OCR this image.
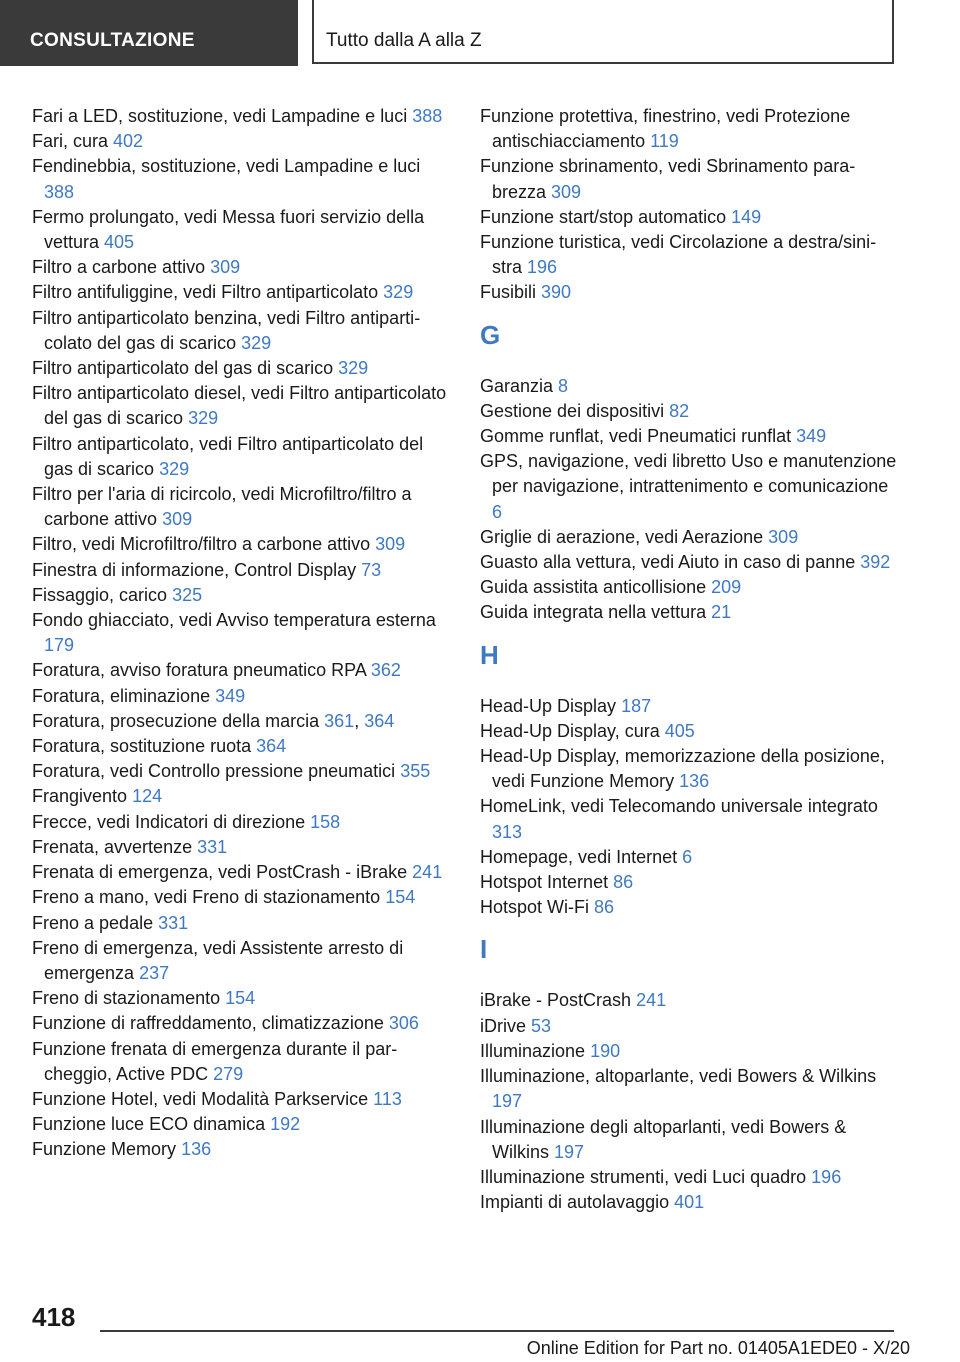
CONSULTAZIONE	Tutto dalla A alla Z
Fari a LED, sostituzione, vedi Lampadine e luci 388
Fari, cura 402
Fendinebbia, sostituzione, vedi Lampadine e luci 388
Fermo prolungato, vedi Messa fuori servizio della vettura 405
Filtro a carbone attivo 309
Filtro antifuliggine, vedi Filtro antiparticolato 329
Filtro antiparticolato benzina, vedi Filtro antiparticolato del gas di scarico 329
Filtro antiparticolato del gas di scarico 329
Filtro antiparticolato diesel, vedi Filtro antiparticolato del gas di scarico 329
Filtro antiparticolato, vedi Filtro antiparticolato del gas di scarico 329
Filtro per l'aria di ricircolo, vedi Microfiltro/filtro a carbone attivo 309
Filtro, vedi Microfiltro/filtro a carbone attivo 309
Finestra di informazione, Control Display 73
Fissaggio, carico 325
Fondo ghiacciato, vedi Avviso temperatura esterna 179
Foratura, avviso foratura pneumatico RPA 362
Foratura, eliminazione 349
Foratura, prosecuzione della marcia 361, 364
Foratura, sostituzione ruota 364
Foratura, vedi Controllo pressione pneumatici 355
Frangivento 124
Frecce, vedi Indicatori di direzione 158
Frenata, avvertenze 331
Frenata di emergenza, vedi PostCrash - iBrake 241
Freno a mano, vedi Freno di stazionamento 154
Freno a pedale 331
Freno di emergenza, vedi Assistente arresto di emergenza 237
Freno di stazionamento 154
Funzione di raffreddamento, climatizzazione 306
Funzione frenata di emergenza durante il parcheggio, Active PDC 279
Funzione Hotel, vedi Modalità Parkservice 113
Funzione luce ECO dinamica 192
Funzione Memory 136
Funzione protettiva, finestrino, vedi Protezione antischiacciamento 119
Funzione sbrinamento, vedi Sbrinamento parabrezza 309
Funzione start/stop automatico 149
Funzione turistica, vedi Circolazione a destra/sinistra 196
Fusibili 390
G
Garanzia 8
Gestione dei dispositivi 82
Gomme runflat, vedi Pneumatici runflat 349
GPS, navigazione, vedi libretto Uso e manutenzione per navigazione, intrattenimento e comunicazione 6
Griglie di aerazione, vedi Aerazione 309
Guasto alla vettura, vedi Aiuto in caso di panne 392
Guida assistita anticollisione 209
Guida integrata nella vettura 21
H
Head-Up Display 187
Head-Up Display, cura 405
Head-Up Display, memorizzazione della posizione, vedi Funzione Memory 136
HomeLink, vedi Telecomando universale integrato 313
Homepage, vedi Internet 6
Hotspot Internet 86
Hotspot Wi-Fi 86
I
iBrake - PostCrash 241
iDrive 53
Illuminazione 190
Illuminazione, altoparlante, vedi Bowers & Wilkins 197
Illuminazione degli altoparlanti, vedi Bowers & Wilkins 197
Illuminazione strumenti, vedi Luci quadro 196
Impianti di autolavaggio 401
418
Online Edition for Part no. 01405A1EDE0 - X/20
